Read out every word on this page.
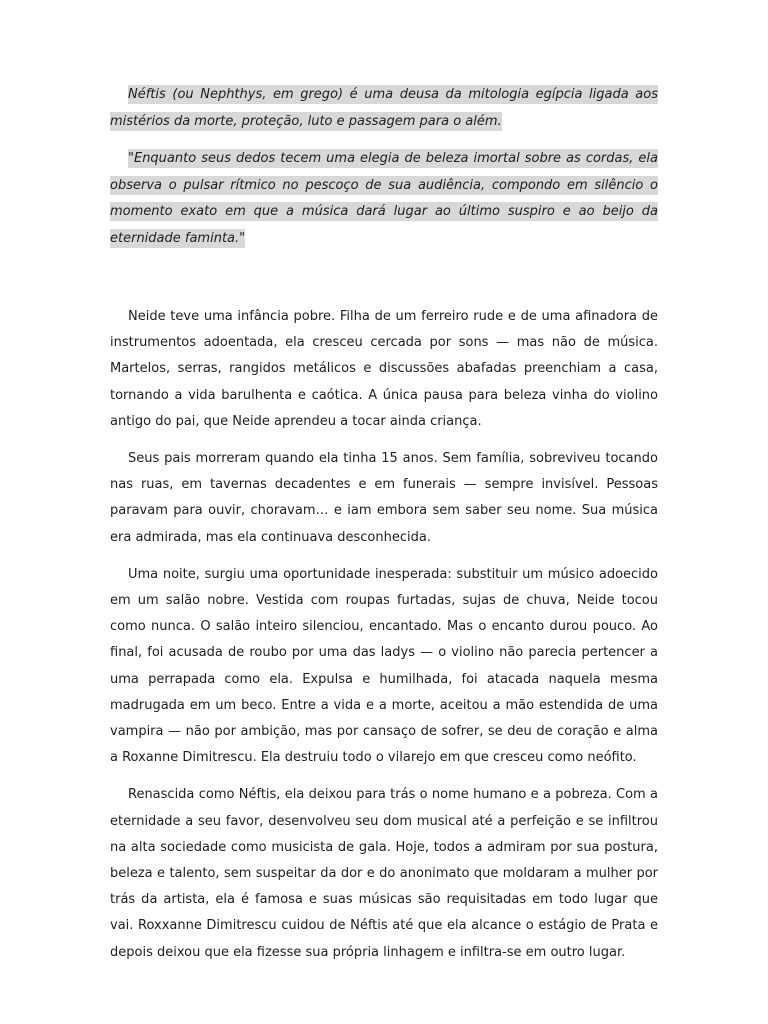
Néftis (ou Nephthys, em grego) é uma deusa da mitologia egípcia ligada aos mistérios da morte, proteção, luto e passagem para o além.

"Enquanto seus dedos tecem uma elegia de beleza imortal sobre as cordas, ela observa o pulsar rítmico no pescoço de sua audiência, compondo em silêncio o momento exato em que a música dará lugar ao último suspiro e ao beijo da eternidade faminta."

Neide teve uma infância pobre. Filha de um ferreiro rude e de uma afinadora de instrumentos adoentada, ela cresceu cercada por sons — mas não de música. Martelos, serras, rangidos metálicos e discussões abafadas preenchiam a casa, tornando a vida barulhenta e caótica. A única pausa para beleza vinha do violino antigo do pai, que Neide aprendeu a tocar ainda criança.

Seus pais morreram quando ela tinha 15 anos. Sem família, sobreviveu tocando nas ruas, em tavernas decadentes e em funerais — sempre invisível. Pessoas paravam para ouvir, choravam… e iam embora sem saber seu nome. Sua música era admirada, mas ela continuava desconhecida.

Uma noite, surgiu uma oportunidade inesperada: substituir um músico adoecido em um salão nobre. Vestida com roupas furtadas, sujas de chuva, Neide tocou como nunca. O salão inteiro silenciou, encantado. Mas o encanto durou pouco. Ao final, foi acusada de roubo por uma das ladys — o violino não parecia pertencer a uma perrapada como ela. Expulsa e humilhada, foi atacada naquela mesma madrugada em um beco. Entre a vida e a morte, aceitou a mão estendida de uma vampira — não por ambição, mas por cansaço de sofrer, se deu de coração e alma a Roxanne Dimitrescu. Ela destruiu todo o vilarejo em que cresceu como neófito.

Renascida como Néftis, ela deixou para trás o nome humano e a pobreza. Com a eternidade a seu favor, desenvolveu seu dom musical até a perfeição e se infiltrou na alta sociedade como musicista de gala. Hoje, todos a admiram por sua postura, beleza e talento, sem suspeitar da dor e do anonimato que moldaram a mulher por trás da artista, ela é famosa e suas músicas são requisitadas em todo lugar que vai. Roxxanne Dimitrescu cuidou de Néftis até que ela alcance o estágio de Prata e depois deixou que ela fizesse sua própria linhagem e infiltra-se em outro lugar.
